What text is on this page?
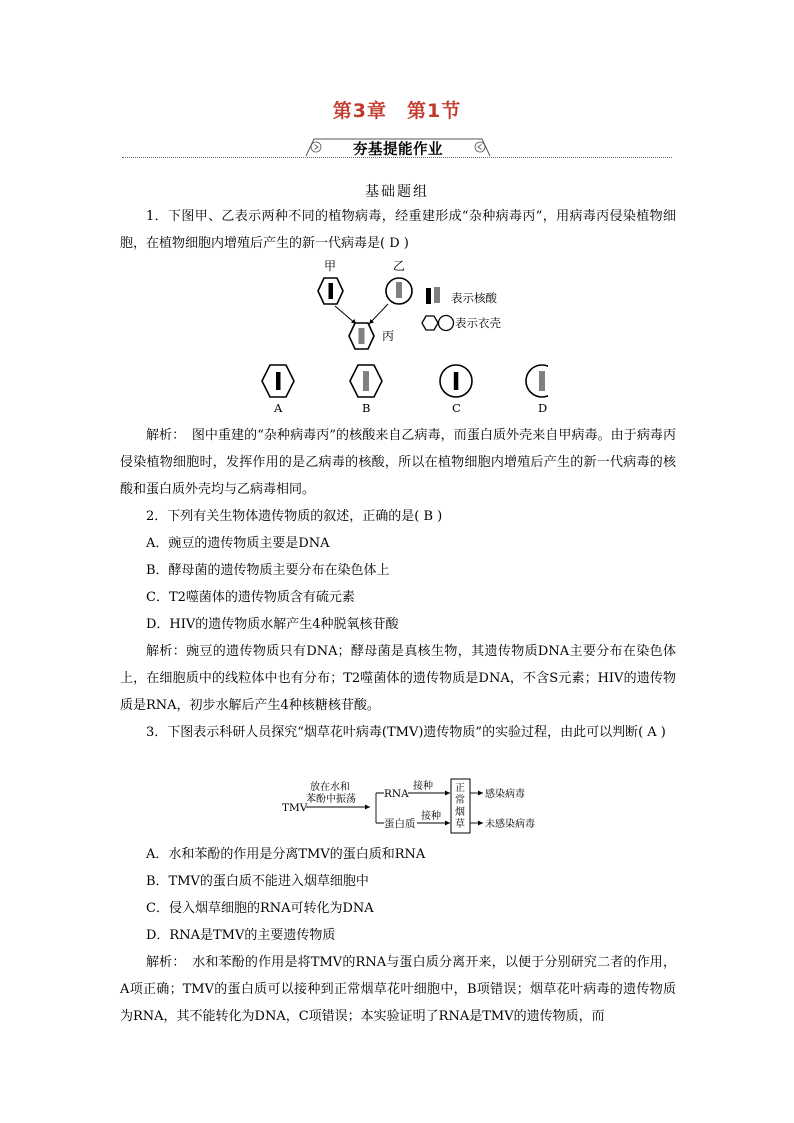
第3章　第1节
夯基提能作业
基础题组
1．下图甲、乙表示两种不同的植物病毒，经重建形成“杂种病毒丙”，用病毒丙侵染植物细胞，在植物细胞内增殖后产生的新一代病毒是( D )
甲	乙
丙
表示核酸
表示衣壳
A	B	C	D
解析：　图中重建的“杂种病毒丙”的核酸来自乙病毒，而蛋白质外壳来自甲病毒。由于病毒丙侵染植物细胞时，发挥作用的是乙病毒的核酸，所以在植物细胞内增殖后产生的新一代病毒的核酸和蛋白质外壳均与乙病毒相同。
2．下列有关生物体遗传物质的叙述，正确的是( B )
A．豌豆的遗传物质主要是DNA
B．酵母菌的遗传物质主要分布在染色体上
C．T2噬菌体的遗传物质含有硫元素
D．HIV的遗传物质水解产生4种脱氧核苷酸
解析：豌豆的遗传物质只有DNA；酵母菌是真核生物，其遗传物质DNA主要分布在染色体上，在细胞质中的线粒体中也有分布；T2噬菌体的遗传物质是DNA，不含S元素；HIV的遗传物质是RNA，初步水解后产生4种核糖核苷酸。
3．下图表示科研人员探究“烟草花叶病毒(TMV)遗传物质”的实验过程，由此可以判断( A )
TMV
放在水和
苯酚中振荡	RNA
蛋白质
接种
接种
正
常
烟
草
感染病毒
未感染病毒
A．水和苯酚的作用是分离TMV的蛋白质和RNA
B．TMV的蛋白质不能进入烟草细胞中
C．侵入烟草细胞的RNA可转化为DNA
D．RNA是TMV的主要遗传物质
解析：　水和苯酚的作用是将TMV的RNA与蛋白质分离开来，以便于分别研究二者的作用，A项正确；TMV的蛋白质可以接种到正常烟草花叶细胞中，B项错误；烟草花叶病毒的遗传物质为RNA，其不能转化为DNA，C项错误；本实验证明了RNA是TMV的遗传物质，而
